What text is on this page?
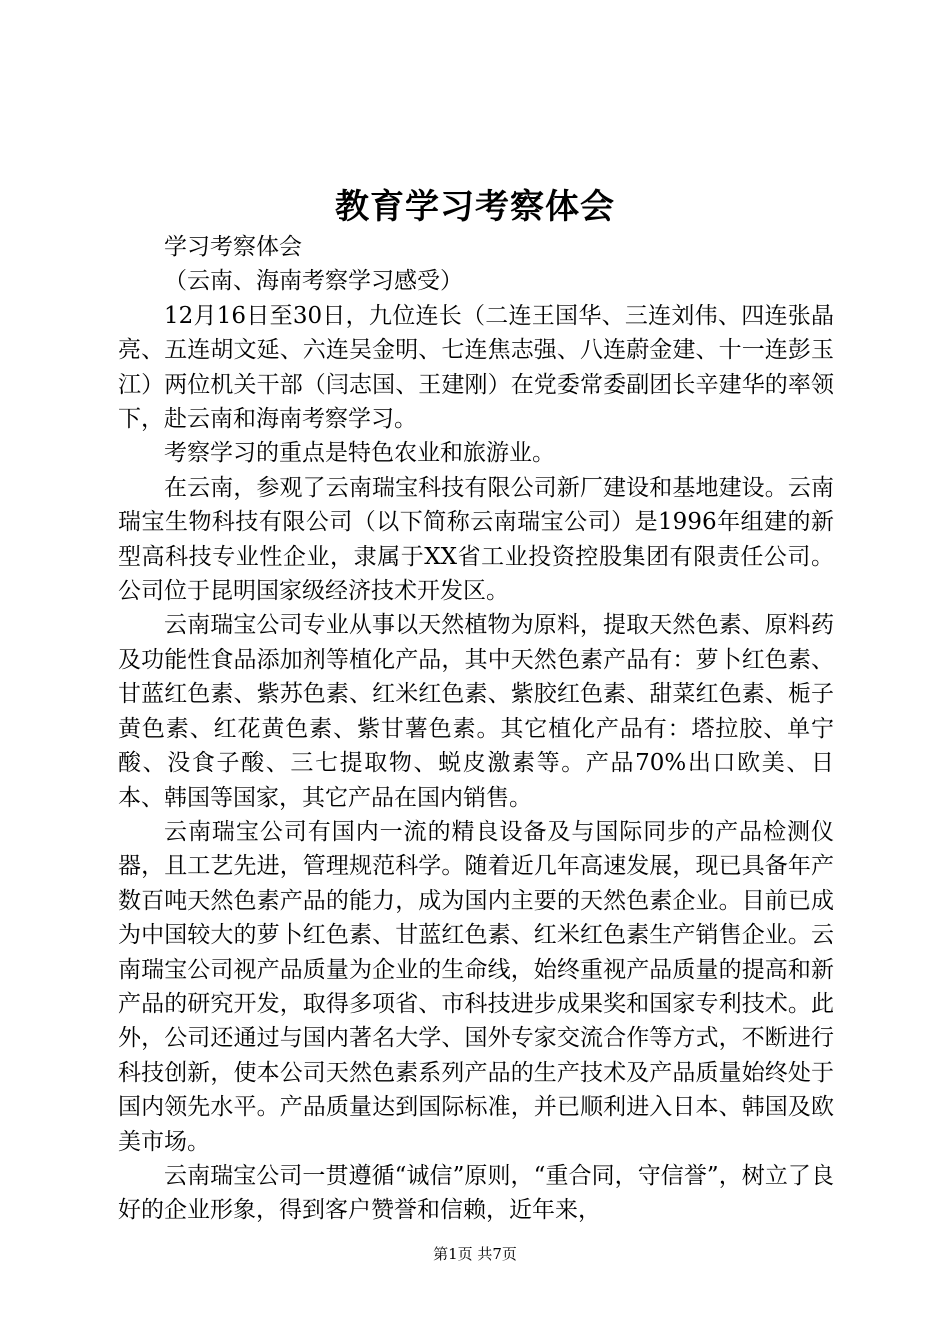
教育学习考察体会

学习考察体会

（云南、海南考察学习感受）

12月16日至30日，九位连长（二连王国华、三连刘伟、四连张晶亮、五连胡文延、六连吴金明、七连焦志强、八连蔚金建、十一连彭玉江）两位机关干部（闫志国、王建刚）在党委常委副团长辛建华的率领下，赴云南和海南考察学习。

考察学习的重点是特色农业和旅游业。

在云南，参观了云南瑞宝科技有限公司新厂建设和基地建设。云南瑞宝生物科技有限公司（以下简称云南瑞宝公司）是1996年组建的新型高科技专业性企业，隶属于XX省工业投资控股集团有限责任公司。公司位于昆明国家级经济技术开发区。

云南瑞宝公司专业从事以天然植物为原料，提取天然色素、原料药及功能性食品添加剂等植化产品，其中天然色素产品有：萝卜红色素、甘蓝红色素、紫苏色素、红米红色素、紫胶红色素、甜菜红色素、栀子黄色素、红花黄色素、紫甘薯色素。其它植化产品有：塔拉胶、单宁酸、没食子酸、三七提取物、蜕皮激素等。产品70%出口欧美、日本、韩国等国家，其它产品在国内销售。

云南瑞宝公司有国内一流的精良设备及与国际同步的产品检测仪器，且工艺先进，管理规范科学。随着近几年高速发展，现已具备年产数百吨天然色素产品的能力，成为国内主要的天然色素企业。目前已成为中国较大的萝卜红色素、甘蓝红色素、红米红色素生产销售企业。云南瑞宝公司视产品质量为企业的生命线，始终重视产品质量的提高和新产品的研究开发，取得多项省、市科技进步成果奖和国家专利技术。此外，公司还通过与国内著名大学、国外专家交流合作等方式，不断进行科技创新，使本公司天然色素系列产品的生产技术及产品质量始终处于国内领先水平。产品质量达到国际标准，并已顺利进入日本、韩国及欧美市场。

云南瑞宝公司一贯遵循“诚信”原则，“重合同，守信誉”，树立了良好的企业形象，得到客户赞誉和信赖，近年来，

第1页 共7页
